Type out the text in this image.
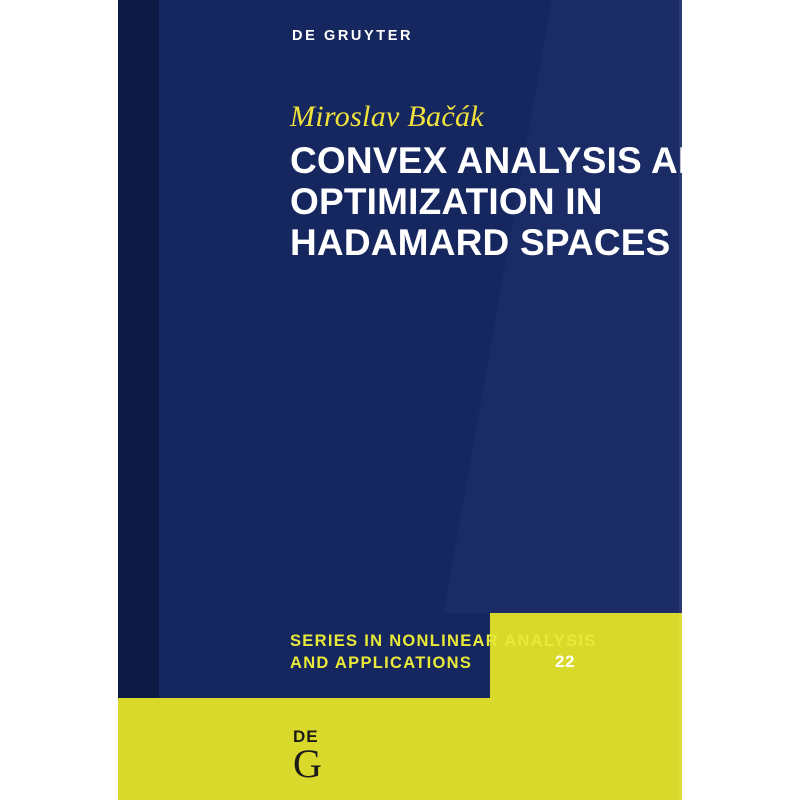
DE GRUYTER
Miroslav Bačák
CONVEX ANALYSIS AND OPTIMIZATION IN HADAMARD SPACES
SERIES IN NONLINEAR ANALYSIS AND APPLICATIONS	22
DE
G
